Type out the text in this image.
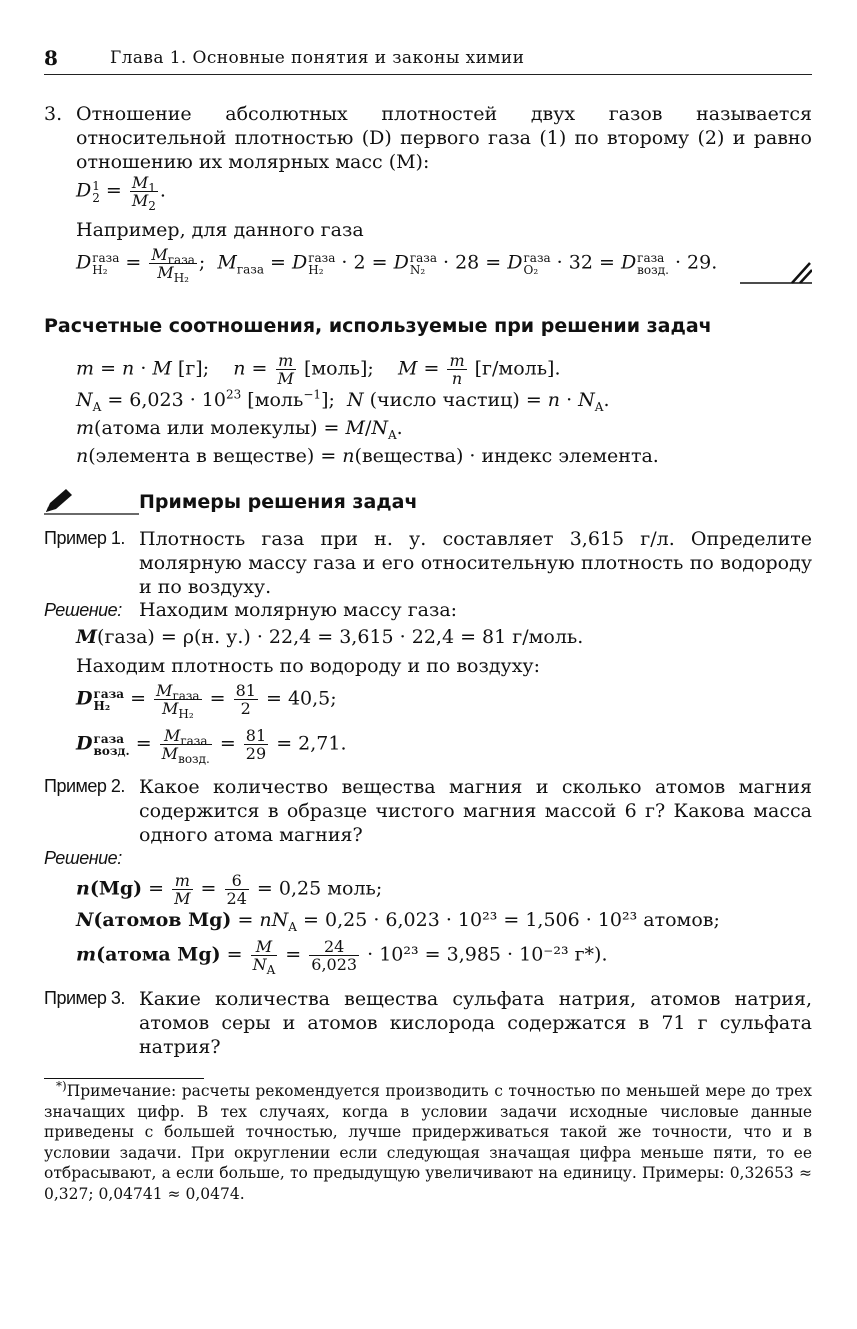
8	Глава 1. Основные понятия и законы химии
3. Отношение абсолютных плотностей двух газов называется относительной плотностью (D) первого газа (1) по второму (2) и равно отношению их молярных масс (M):
D 1
$2 = \frac{M_1}{M_2}$ .
Например, для данного газа
D газа
$H_2 = \frac{M_{газа}}{M_{H_2}}$ ;  $M_{газа} = D$ газа
H₂ · 2 = D газа
N₂ · 28 = D газа
O₂ · 32 = D газа
возд. · 29.
Расчетные соотношения, используемые при решении задач
m = n · M [г];    $n = \frac{m}{M}$ [моль];    $M = \frac{m}{n}$ [г/моль].
$N_A = 6,023 \cdot 10^{23}$ [моль$^{-1}$];  N (число частиц) = $n \cdot N_A$.
m(атома или молекулы) = $M/N_A$.
n(элемента в веществе) = n(вещества) · индекс элемента.
Примеры решения задач
Пример 1. Плотность газа при н. у. составляет 3,615 г/л. Определите молярную массу газа и его относительную плотность по водороду и по воздуху.
Решение: Находим молярную массу газа:
M(газа) = ρ(н. у.) · 22,4 = 3,615 · 22,4 = 81 г/моль.
Находим плотность по водороду и по воздуху:
D газа
$H_2 = \frac{M_{газа}}{M_{H_2}} = \frac{81}{2} = 40,5$;
D газа
возд. = $\frac{M_{газа}}{M_{возд.}} = \frac{81}{29} = 2,71$.
Пример 2. Какое количество вещества магния и сколько атомов магния содержится в образце чистого магния массой 6 г? Какова масса одного атома магния?
Решение:
$n(Mg) = \frac{m}{M} = \frac{6}{24} = 0,25$ моль;
N(атомов $Mg) = nN_A = 0,25 \cdot 6,023 \cdot 10^{23} = 1,506 \cdot 10^{23}$ атомов;
m(атома $Mg) = \frac{M}{N_A} = \frac{24}{6,023} \cdot 10^{23} = 3,985 \cdot 10^{-23}$ г*).
Пример 3. Какие количества вещества сульфата натрия, атомов натрия, атомов серы и атомов кислорода содержатся в 71 г сульфата натрия?
*)Примечание: расчеты рекомендуется производить с точностью по меньшей мере до трех значащих цифр. В тех случаях, когда в условии задачи исходные числовые данные приведены с большей точностью, лучше придерживаться такой же точности, что и в условии задачи. При округлении если следующая значащая цифра меньше пяти, то ее отбрасывают, а если больше, то предыдущую увеличивают на единицу. Примеры: 0,32653 ≈ 0,327; 0,04741 ≈ 0,0474.
